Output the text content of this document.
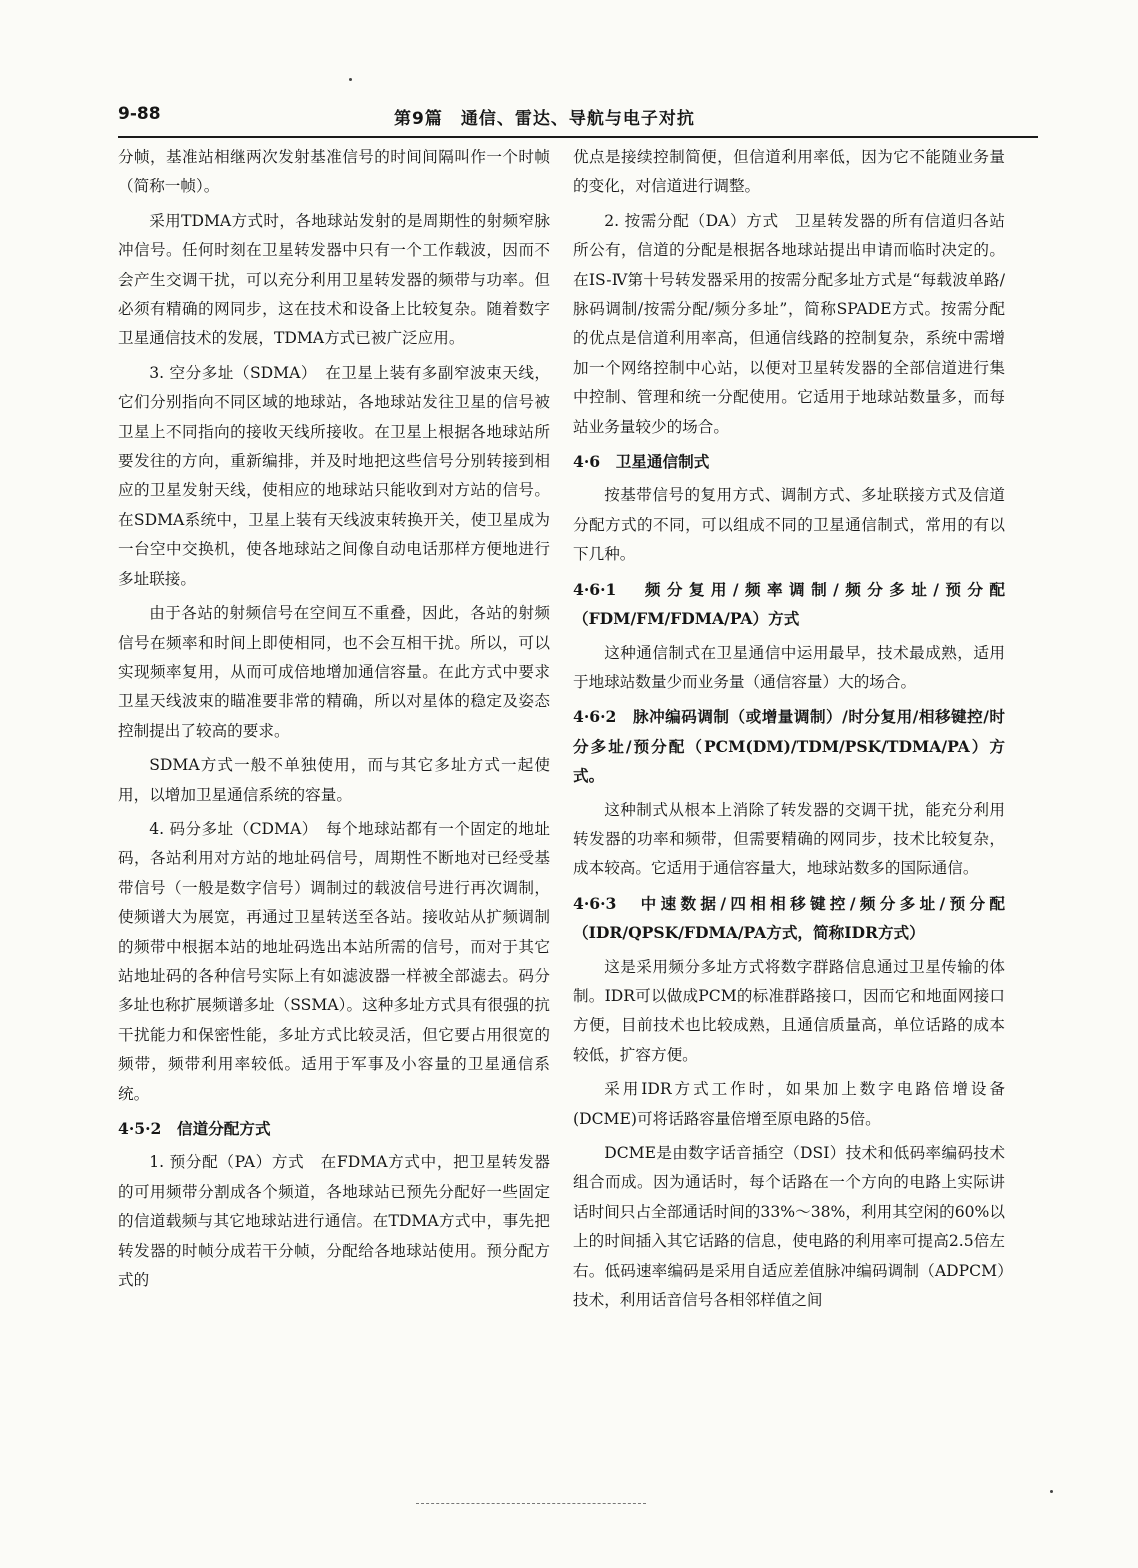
9-88	第9篇　通信、雷达、导航与电子对抗

分帧，基准站相继两次发射基准信号的时间间隔叫作一个时帧（简称一帧）。

采用TDMA方式时，各地球站发射的是周期性的射频窄脉冲信号。任何时刻在卫星转发器中只有一个工作载波，因而不会产生交调干扰，可以充分利用卫星转发器的频带与功率。但必须有精确的网同步，这在技术和设备上比较复杂。随着数字卫星通信技术的发展，TDMA方式已被广泛应用。

3. 空分多址（SDMA）　在卫星上装有多副窄波束天线，它们分别指向不同区域的地球站，各地球站发往卫星的信号被卫星上不同指向的接收天线所接收。在卫星上根据各地球站所要发往的方向，重新编排，并及时地把这些信号分别转接到相应的卫星发射天线，使相应的地球站只能收到对方站的信号。在SDMA系统中，卫星上装有天线波束转换开关，使卫星成为一台空中交换机，使各地球站之间像自动电话那样方便地进行多址联接。

由于各站的射频信号在空间互不重叠，因此，各站的射频信号在频率和时间上即使相同，也不会互相干扰。所以，可以实现频率复用，从而可成倍地增加通信容量。在此方式中要求卫星天线波束的瞄准要非常的精确，所以对星体的稳定及姿态控制提出了较高的要求。

SDMA方式一般不单独使用，而与其它多址方式一起使用，以增加卫星通信系统的容量。

4. 码分多址（CDMA）　每个地球站都有一个固定的地址码，各站利用对方站的地址码信号，周期性不断地对已经受基带信号（一般是数字信号）调制过的载波信号进行再次调制，使频谱大为展宽，再通过卫星转送至各站。接收站从扩频调制的频带中根据本站的地址码选出本站所需的信号，而对于其它站地址码的各种信号实际上有如滤波器一样被全部滤去。码分多址也称扩展频谱多址（SSMA）。这种多址方式具有很强的抗干扰能力和保密性能，多址方式比较灵活，但它要占用很宽的频带，频带利用率较低。适用于军事及小容量的卫星通信系统。

4·5·2　信道分配方式

1. 预分配（PA）方式　在FDMA方式中，把卫星转发器的可用频带分割成各个频道，各地球站已预先分配好一些固定的信道载频与其它地球站进行通信。在TDMA方式中，事先把转发器的时帧分成若干分帧，分配给各地球站使用。预分配方式的

优点是接续控制简便，但信道利用率低，因为它不能随业务量的变化，对信道进行调整。

2. 按需分配（DA）方式　卫星转发器的所有信道归各站所公有，信道的分配是根据各地球站提出申请而临时决定的。在IS-Ⅳ第十号转发器采用的按需分配多址方式是“每载波单路/脉码调制/按需分配/频分多址”，简称SPADE方式。按需分配的优点是信道利用率高，但通信线路的控制复杂，系统中需增加一个网络控制中心站，以便对卫星转发器的全部信道进行集中控制、管理和统一分配使用。它适用于地球站数量多，而每站业务量较少的场合。

4·6　卫星通信制式

按基带信号的复用方式、调制方式、多址联接方式及信道分配方式的不同，可以组成不同的卫星通信制式，常用的有以下几种。

4·6·1　频分复用/频率调制/频分多址/预分配（FDM/FM/FDMA/PA）方式

这种通信制式在卫星通信中运用最早，技术最成熟，适用于地球站数量少而业务量（通信容量）大的场合。

4·6·2　脉冲编码调制（或增量调制）/时分复用/相移键控/时分多址/预分配（PCM(DM)/TDM/PSK/TDMA/PA）方式。

这种制式从根本上消除了转发器的交调干扰，能充分利用转发器的功率和频带，但需要精确的网同步，技术比较复杂，成本较高。它适用于通信容量大，地球站数多的国际通信。

4·6·3　中速数据/四相相移键控/频分多址/预分配（IDR/QPSK/FDMA/PA方式，简称IDR方式）

这是采用频分多址方式将数字群路信息通过卫星传输的体制。IDR可以做成PCM的标准群路接口，因而它和地面网接口方便，目前技术也比较成熟，且通信质量高，单位话路的成本较低，扩容方便。

采用IDR方式工作时，如果加上数字电路倍增设备(DCME)可将话路容量倍增至原电路的5倍。

DCME是由数字话音插空（DSI）技术和低码率编码技术组合而成。因为通话时，每个话路在一个方向的电路上实际讲话时间只占全部通话时间的33%～38%，利用其空闲的60%以上的时间插入其它话路的信息，使电路的利用率可提高2.5倍左右。低码速率编码是采用自适应差值脉冲编码调制（ADPCM）技术，利用话音信号各相邻样值之间
